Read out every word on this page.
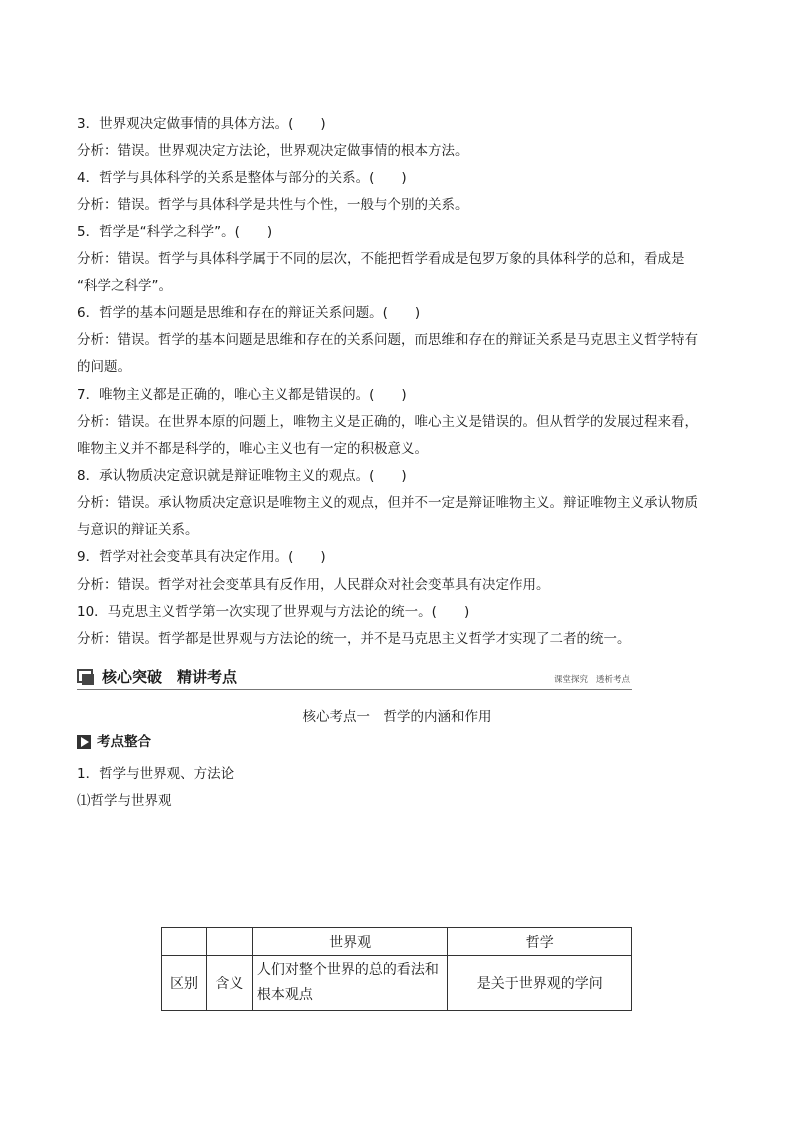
3．世界观决定做事情的具体方法。(　　)
分析：错误。世界观决定方法论，世界观决定做事情的根本方法。
4．哲学与具体科学的关系是整体与部分的关系。(　　)
分析：错误。哲学与具体科学是共性与个性，一般与个别的关系。
5．哲学是“科学之科学”。(　　)
分析：错误。哲学与具体科学属于不同的层次，不能把哲学看成是包罗万象的具体科学的总和，看成是
“科学之科学”。
6．哲学的基本问题是思维和存在的辩证关系问题。(　　)
分析：错误。哲学的基本问题是思维和存在的关系问题，而思维和存在的辩证关系是马克思主义哲学特有
的问题。
7．唯物主义都是正确的，唯心主义都是错误的。(　　)
分析：错误。在世界本原的问题上，唯物主义是正确的，唯心主义是错误的。但从哲学的发展过程来看，
唯物主义并不都是科学的，唯心主义也有一定的积极意义。
8．承认物质决定意识就是辩证唯物主义的观点。(　　)
分析：错误。承认物质决定意识是唯物主义的观点，但并不一定是辩证唯物主义。辩证唯物主义承认物质
与意识的辩证关系。
9．哲学对社会变革具有决定作用。(　　)
分析：错误。哲学对社会变革具有反作用，人民群众对社会变革具有决定作用。
10．马克思主义哲学第一次实现了世界观与方法论的统一。(　　)
分析：错误。哲学都是世界观与方法论的统一，并不是马克思主义哲学才实现了二者的统一。
核心突破　精讲考点	课堂探究 透析考点
核心考点一　哲学的内涵和作用
考点整合
1．哲学与世界观、方法论
⑴哲学与世界观
		世界观	哲学
区别	含义	人们对整个世界的总的看法和根本观点	是关于世界观的学问
